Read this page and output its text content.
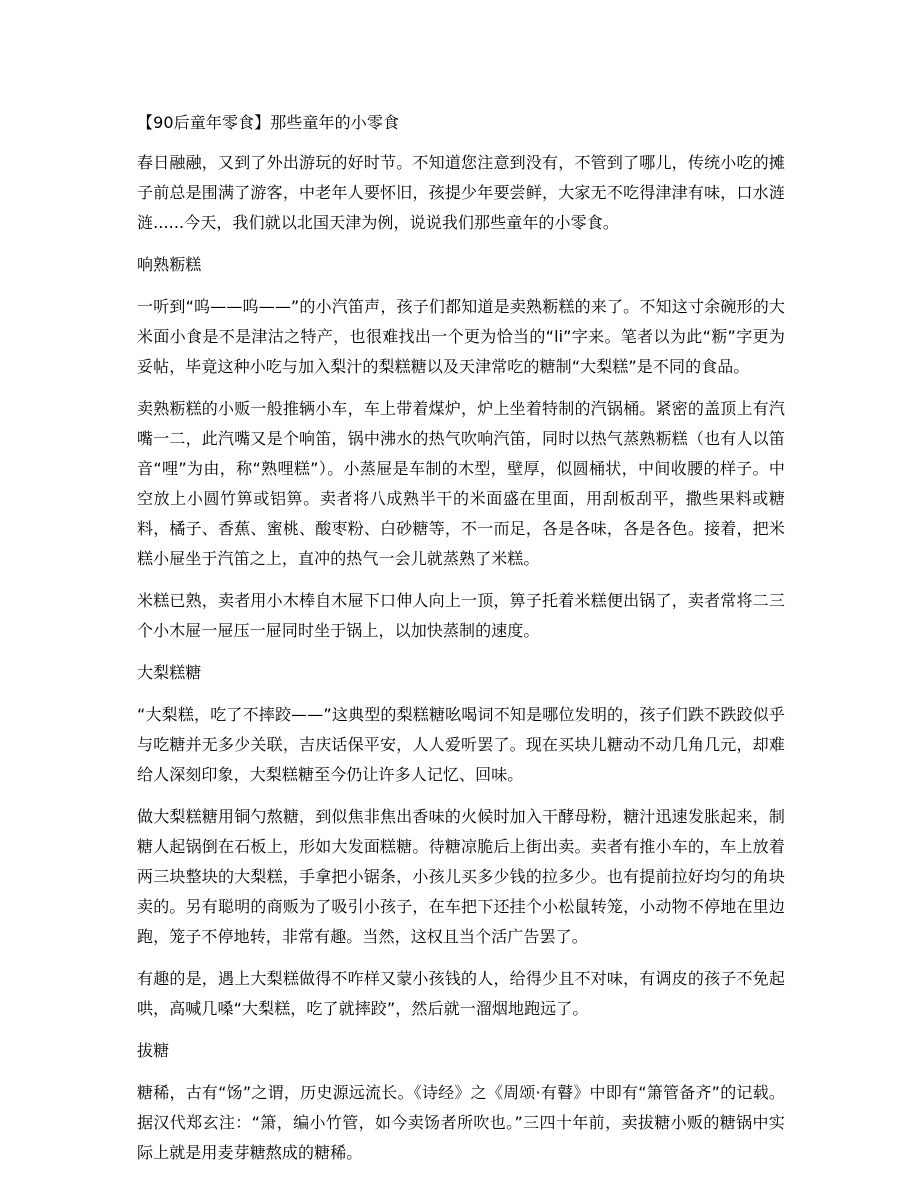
【90后童年零食】那些童年的小零食
春日融融，又到了外出游玩的好时节。不知道您注意到没有，不管到了哪儿，传统小吃的摊子前总是围满了游客，中老年人要怀旧，孩提少年要尝鲜，大家无不吃得津津有味，口水涟涟......今天，我们就以北国天津为例，说说我们那些童年的小零食。
响熟粝糕
一听到“呜——呜——”的小汽笛声，孩子们都知道是卖熟粝糕的来了。不知这寸余碗形的大米面小食是不是津沽之特产，也很难找出一个更为恰当的“li”字来。笔者以为此“粝”字更为妥帖，毕竟这种小吃与加入梨汁的梨糕糖以及天津常吃的糖制“大梨糕”是不同的食品。
卖熟粝糕的小贩一般推辆小车，车上带着煤炉，炉上坐着特制的汽锅桶。紧密的盖顶上有汽嘴一二，此汽嘴又是个响笛，锅中沸水的热气吹响汽笛，同时以热气蒸熟粝糕（也有人以笛音“哩”为由，称“熟哩糕”）。小蒸屉是车制的木型，壁厚，似圆桶状，中间收腰的样子。中空放上小圆竹箅或铝箅。卖者将八成熟半干的米面盛在里面，用刮板刮平，撒些果料或糖料，橘子、香蕉、蜜桃、酸枣粉、白砂糖等，不一而足，各是各味，各是各色。接着，把米糕小屉坐于汽笛之上，直冲的热气一会儿就蒸熟了米糕。
米糕已熟，卖者用小木棒自木屉下口伸人向上一顶，箅子托着米糕便出锅了，卖者常将二三个小木屉一屉压一屉同时坐于锅上，以加快蒸制的速度。
大梨糕糖
“大梨糕，吃了不摔跤——”这典型的梨糕糖吆喝词不知是哪位发明的，孩子们跌不跌跤似乎与吃糖并无多少关联，吉庆话保平安，人人爱听罢了。现在买块儿糖动不动几角几元，却难给人深刻印象，大梨糕糖至今仍让许多人记忆、回味。
做大梨糕糖用铜勺熬糖，到似焦非焦出香味的火候时加入干酵母粉，糖汁迅速发胀起来，制糖人起锅倒在石板上，形如大发面糕糖。待糖凉脆后上街出卖。卖者有推小车的，车上放着两三块整块的大梨糕，手拿把小锯条，小孩儿买多少钱的拉多少。也有提前拉好均匀的角块卖的。另有聪明的商贩为了吸引小孩子，在车把下还挂个小松鼠转笼，小动物不停地在里边跑，笼子不停地转，非常有趣。当然，这权且当个活广告罢了。
有趣的是，遇上大梨糕做得不咋样又蒙小孩钱的人，给得少且不对味，有调皮的孩子不免起哄，高喊几嗓“大梨糕，吃了就摔跤”，然后就一溜烟地跑远了。
拔糖
糖稀，古有“饧”之谓，历史源远流长。《诗经》之《周颂·有瞽》中即有“箫管备齐”的记载。据汉代郑玄注：“箫，编小竹管，如今卖饧者所吹也。”三四十年前，卖拔糖小贩的糖锅中实际上就是用麦芽糖熬成的糖稀。
